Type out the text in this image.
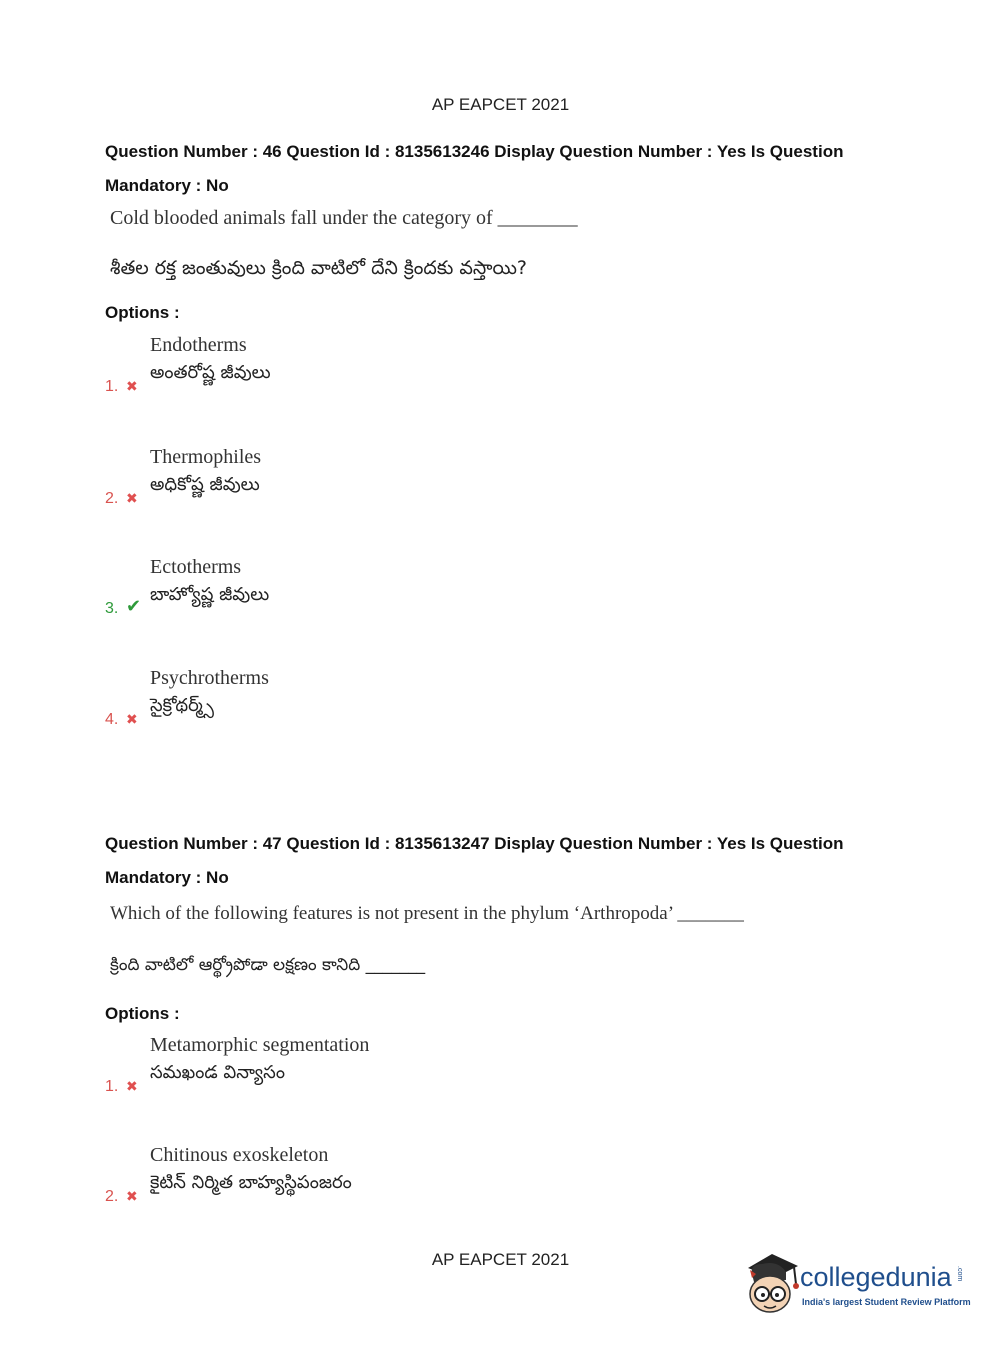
AP EAPCET 2021
Question Number : 46 Question Id : 8135613246 Display Question Number : Yes Is Question
Mandatory : No
Cold blooded animals fall under the category of ________
శీతల రక్త జంతువులు క్రింది వాటిలో దేని క్రిందకు వస్తాయి?
Options :
Endotherms
అంతరోష్ణ జీవులు
1. ✖
Thermophiles
అధికోష్ణ జీవులు
2. ✖
Ectotherms
బాహ్యోష్ణ జీవులు
3. ✔
Psychrotherms
సైక్రోథర్మ్స్
4. ✖
Question Number : 47 Question Id : 8135613247 Display Question Number : Yes Is Question
Mandatory : No
Which of the following features is not present in the phylum ‘Arthropoda’ _______
క్రింది వాటిలో ఆర్థ్రోపోడా లక్షణం కానిది _______
Options :
Metamorphic segmentation
సమఖండ విన్యాసం
1. ✖
Chitinous exoskeleton
కైటిన్ నిర్మిత బాహ్యస్థిపంజరం
2. ✖
AP EAPCET 2021
collegedunia .com
India's largest Student Review Platform
